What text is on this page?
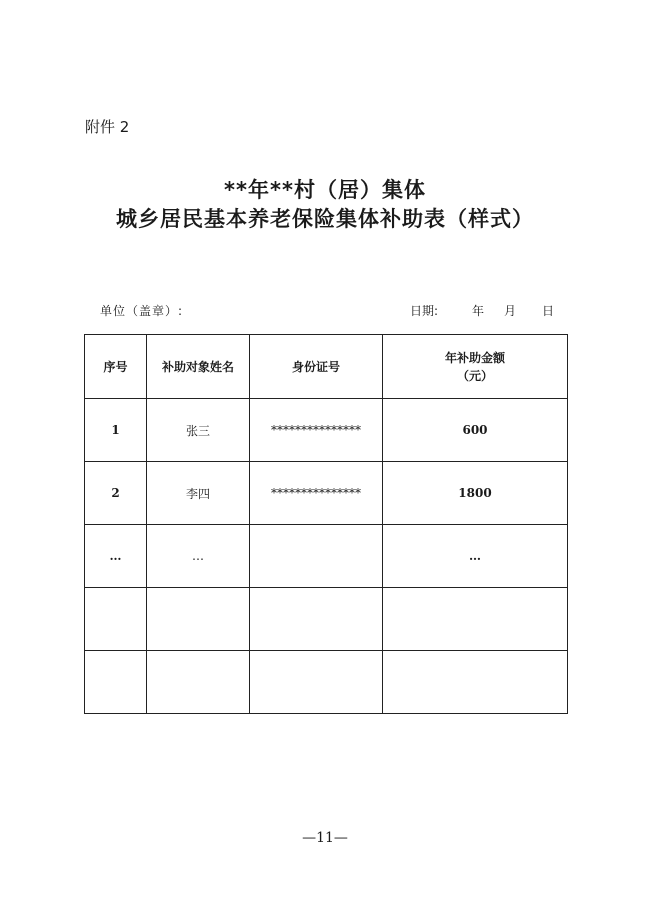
附件 2
**年**村（居）集体
城乡居民基本养老保险集体补助表（样式）
单位（盖章）:	日期:	年 月 日
序号	补助对象姓名	身份证号	年补助金额
（元）

1	张三	***************	600
2	李四	***************	1800
…	…		…

—11—
